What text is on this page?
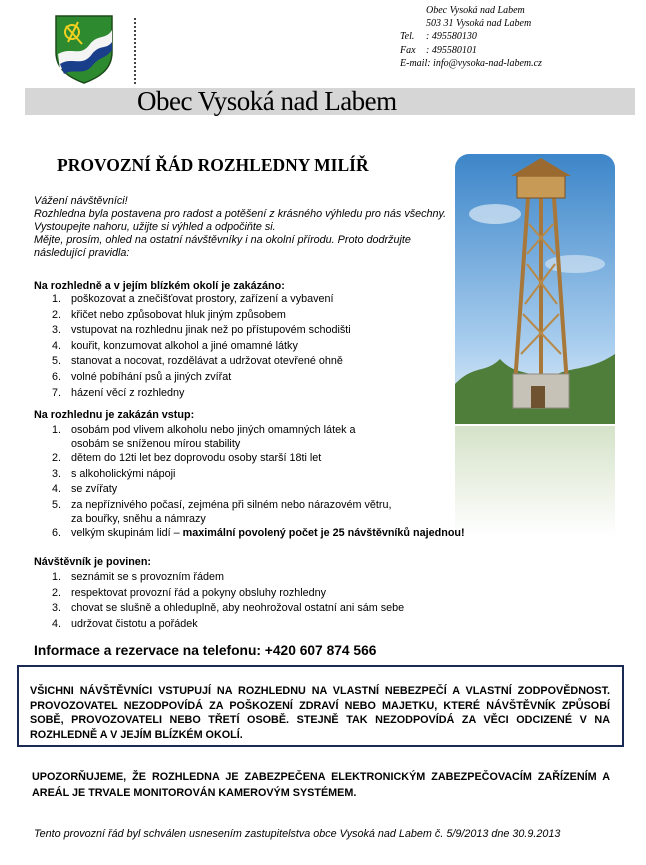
Obec Vysoká nad Labem
503 31 Vysoká nad Labem
Tel. : 495580130
Fax : 495580101
E-mail: info@vysoka-nad-labem.cz
Obec Vysoká nad Labem
PROVOZNÍ ŘÁD ROZHLEDNY MILÍŘ

Vážení návštěvníci!

Rozhledna byla postavena pro radost a potěšení z krásného výhledu pro nás všechny. Vystoupejte nahoru, užijte si výhled a odpočiňte si.

Mějte, prosím, ohled na ostatní návštěvníky i na okolní přírodu. Proto dodržujte následující pravidla:

Na rozhledně a v jejím blízkém okolí je zakázáno:
1. poškozovat a znečišťovat prostory, zařízení a vybavení
2. křičet nebo způsobovat hluk jiným způsobem
3. vstupovat na rozhlednu jinak než po přístupovém schodišti
4. kouřit, konzumovat alkohol a jiné omamné látky
5. stanovat a nocovat, rozdělávat a udržovat otevřené ohně
6. volné pobíhání psů a jiných zvířat
7. házení věcí z rozhledny
Na rozhlednu je zakázán vstup:
1. osobám pod vlivem alkoholu nebo jiných omamných látek a
osobám se sníženou mírou stability
2. dětem do 12ti let bez doprovodu osoby starší 18ti let
3. s alkoholickými nápoji
4. se zvířaty
5. za nepříznivého počasí, zejména při silném nebo nárazovém větru,
za bouřky, sněhu a námrazy
6. velkým skupinám lidí – maximální povolený počet je 25 návštěvníků najednou!
Návštěvník je povinen:
1. seznámit se s provozním řádem
2. respektovat provozní řád a pokyny obsluhy rozhledny
3. chovat se slušně a ohleduplně, aby neohrožoval ostatní ani sám sebe
4. udržovat čistotu a pořádek
Informace a rezervace na telefonu: +420 607 874 566
VŠICHNI NÁVŠTĚVNÍCI VSTUPUJÍ NA ROZHLEDNU NA VLASTNÍ NEBEZPEČÍ A VLASTNÍ ZODPOVĚDNOST. PROVOZOVATEL NEZODPOVÍDÁ ZA POŠKOZENÍ ZDRAVÍ NEBO MAJETKU, KTERÉ NÁVŠTĚVNÍK ZPŮSOBÍ SOBĚ, PROVOZOVATELI NEBO TŘETÍ OSOBĚ. STEJNĚ TAK NEZODPOVÍDÁ ZA VĚCI ODCIZENÉ V NA ROZHLEDNĚ A V JEJÍM BLÍZKÉM OKOLÍ.
UPOZORŇUJEME, ŽE ROZHLEDNA JE ZABEZPEČENA ELEKTRONICKÝM ZABEZPEČOVACÍM ZAŘÍZENÍM A AREÁL JE TRVALE MONITOROVÁN KAMEROVÝM SYSTÉMEM.
Tento provozní řád byl schválen usnesením zastupitelstva obce Vysoká nad Labem č. 5/9/2013 dne 30.9.2013
